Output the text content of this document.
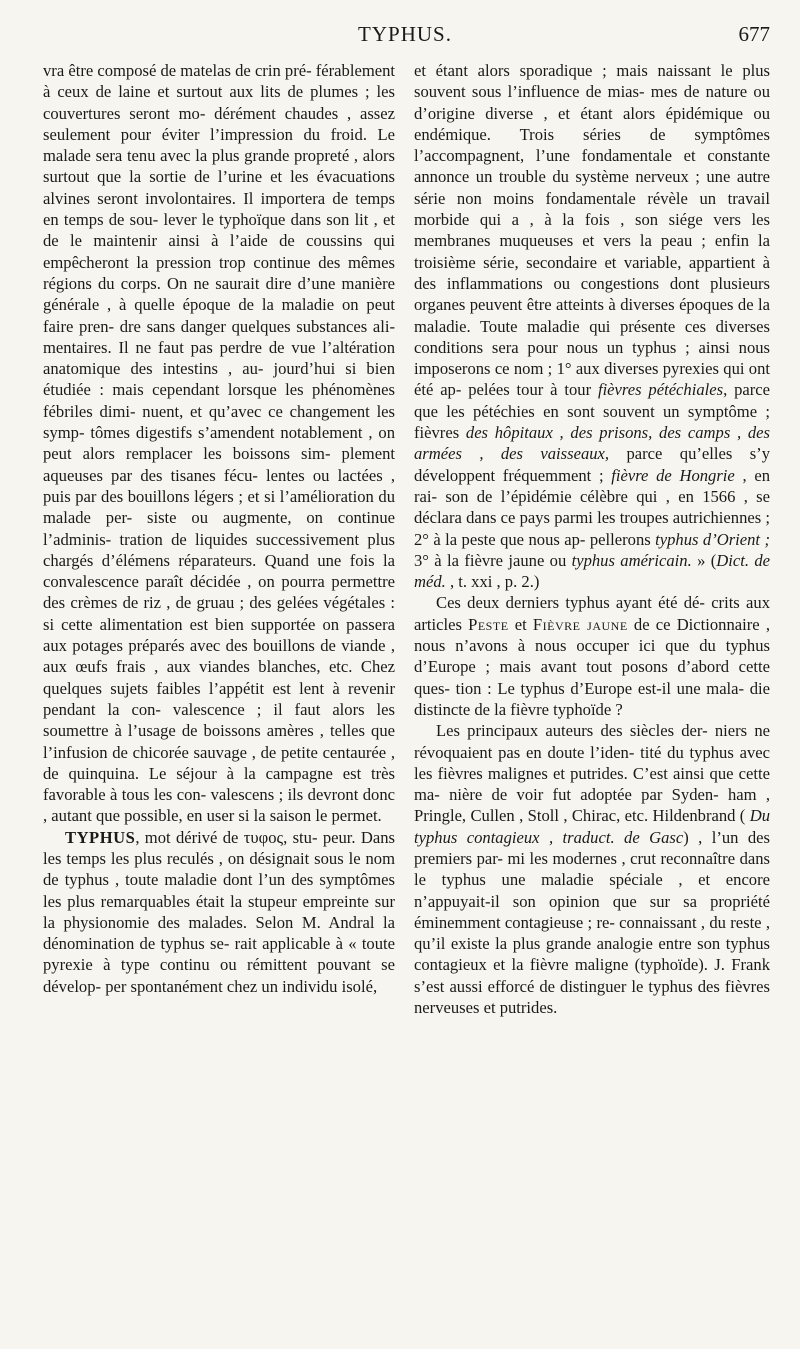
TYPHUS.	677

vra être composé de matelas de crin pré- férablement à ceux de laine et surtout aux lits de plumes ; les couvertures seront mo- dérément chaudes , assez seulement pour éviter l’impression du froid. Le malade sera tenu avec la plus grande propreté , alors surtout que la sortie de l’urine et les évacuations alvines seront involontaires. Il importera de temps en temps de sou- lever le typhoïque dans son lit , et de le maintenir ainsi à l’aide de coussins qui empêcheront la pression trop continue des mêmes régions du corps. On ne saurait dire d’une manière générale , à quelle époque de la maladie on peut faire pren- dre sans danger quelques substances ali- mentaires. Il ne faut pas perdre de vue l’altération anatomique des intestins , au- jourd’hui si bien étudiée : mais cependant lorsque les phénomènes fébriles dimi- nuent, et qu’avec ce changement les symp- tômes digestifs s’amendent notablement , on peut alors remplacer les boissons sim- plement aqueuses par des tisanes fécu- lentes ou lactées , puis par des bouillons légers ; et si l’amélioration du malade per- siste ou augmente, on continue l’adminis- tration de liquides successivement plus chargés d’élémens réparateurs. Quand une fois la convalescence paraît décidée , on pourra permettre des crèmes de riz , de gruau ; des gelées végétales : si cette alimentation est bien supportée on passera aux potages préparés avec des bouillons de viande , aux œufs frais , aux viandes blanches, etc. Chez quelques sujets faibles l’appétit est lent à revenir pendant la con- valescence ; il faut alors les soumettre à l’usage de boissons amères , telles que l’infusion de chicorée sauvage , de petite centaurée , de quinquina. Le séjour à la campagne est très favorable à tous les con- valescens ; ils devront donc , autant que possible, en user si la saison le permet.

TYPHUS, mot dérivé de τυφος, stu- peur. Dans les temps les plus reculés , on désignait sous le nom de typhus , toute maladie dont l’un des symptômes les plus remarquables était la stupeur empreinte sur la physionomie des malades. Selon M. Andral la dénomination de typhus se- rait applicable à « toute pyrexie à type continu ou rémittent pouvant se dévelop- per spontanément chez un individu isolé,

et étant alors sporadique ; mais naissant le plus souvent sous l’influence de mias- mes de nature ou d’origine diverse , et étant alors épidémique ou endémique. Trois séries de symptômes l’accompagnent, l’une fondamentale et constante annonce un trouble du système nerveux ; une autre série non moins fondamentale révèle un travail morbide qui a , à la fois , son siége vers les membranes muqueuses et vers la peau ; enfin la troisième série, secondaire et variable, appartient à des inflammations ou congestions dont plusieurs organes peuvent être atteints à diverses époques de la maladie. Toute maladie qui présente ces diverses conditions sera pour nous un typhus ; ainsi nous imposerons ce nom ; 1° aux diverses pyrexies qui ont été ap- pelées tour à tour fièvres pétéchiales, parce que les pétéchies en sont souvent un symptôme ; fièvres des hôpitaux , des prisons, des camps , des armées , des vaisseaux, parce qu’elles s’y développent fréquemment ; fièvre de Hongrie , en rai- son de l’épidémie célèbre qui , en 1566 , se déclara dans ce pays parmi les troupes autrichiennes ; 2° à la peste que nous ap- pellerons typhus d’Orient ; 3° à la fièvre jaune ou typhus américain. » (Dict. de méd. , t. xxi , p. 2.)

Ces deux derniers typhus ayant été dé- crits aux articles Peste et Fièvre jaune de ce Dictionnaire , nous n’avons à nous occuper ici que du typhus d’Europe ; mais avant tout posons d’abord cette ques- tion : Le typhus d’Europe est-il une mala- die distincte de la fièvre typhoïde ?

Les principaux auteurs des siècles der- niers ne révoquaient pas en doute l’iden- tité du typhus avec les fièvres malignes et putrides. C’est ainsi que cette ma- nière de voir fut adoptée par Syden- ham , Pringle, Cullen , Stoll , Chirac, etc. Hildenbrand ( Du typhus contagieux , traduct. de Gasc) , l’un des premiers par- mi les modernes , crut reconnaître dans le typhus une maladie spéciale , et encore n’appuyait-il son opinion que sur sa propriété éminemment contagieuse ; re- connaissant , du reste , qu’il existe la plus grande analogie entre son typhus contagieux et la fièvre maligne (typhoïde). J. Frank s’est aussi efforcé de distinguer le typhus des fièvres nerveuses et putrides.
